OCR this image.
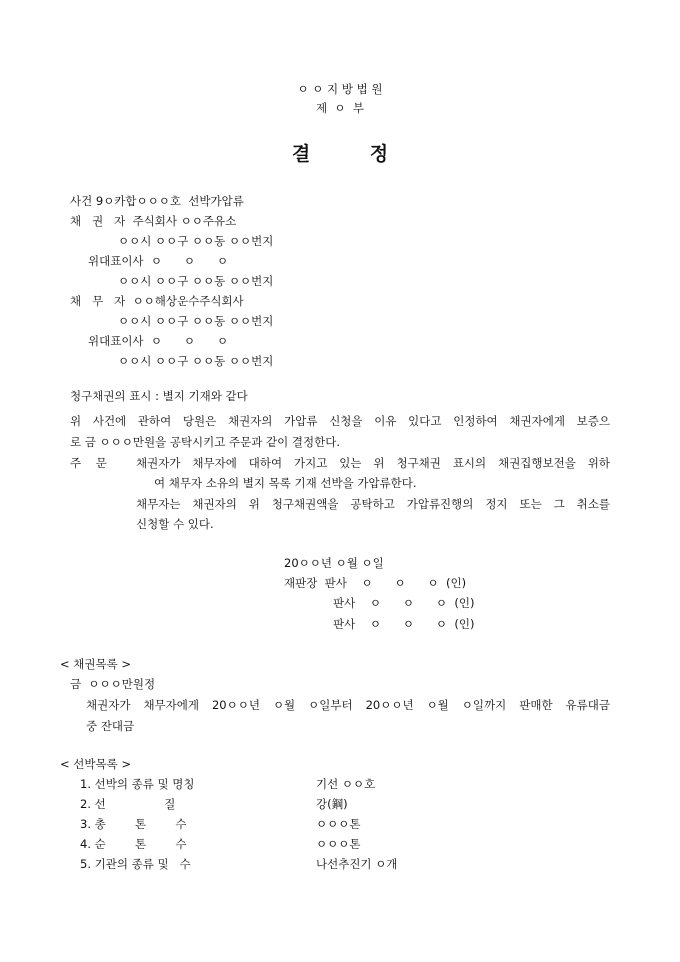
ㅇ ㅇ 지 방 법 원
제  ㅇ  부
결         정
사건 9ㅇ카합ㅇㅇㅇ호  선박가압류
채   권   자  주식회사 ㅇㅇ주유소
ㅇㅇ시 ㅇㅇ구 ㅇㅇ동 ㅇㅇ번지
위대표이사  ㅇ      ㅇ      ㅇ
ㅇㅇ시 ㅇㅇ구 ㅇㅇ동 ㅇㅇ번지
채   무   자  ㅇㅇ해상운수주식회사
ㅇㅇ시 ㅇㅇ구 ㅇㅇ동 ㅇㅇ번지
위대표이사  ㅇ      ㅇ      ㅇ
ㅇㅇ시 ㅇㅇ구 ㅇㅇ동 ㅇㅇ번지
청구채권의 표시 : 별지 기재와 같다
위 사건에 관하여 당원은 채권자의 가압류 신청을 이유 있다고 인정하여 채권자에게 보증으
로 금 ㅇㅇㅇ만원을 공탁시키고 주문과 같이 결정한다.
주    문	채권자가 채무자에 대하여 가지고 있는 위 청구채권 표시의 채권집행보전을 위하
여 채무자 소유의 별지 목록 기재 선박을 가압류한다.
채무자는 채권자의 위 청구채권액을 공탁하고 가압류진행의 정지 또는 그 취소를
신청할 수 있다.
20ㅇㅇ년 ㅇ월 ㅇ일
재판장  판사    ㅇ      ㅇ      ㅇ  (인)
판사    ㅇ      ㅇ      ㅇ  (인)
판사    ㅇ      ㅇ      ㅇ  (인)
< 채권목록 >
금  ㅇㅇㅇ만원정
채권자가 채무자에게 20ㅇㅇ년 ㅇ월 ㅇ일부터 20ㅇㅇ년 ㅇ월 ㅇ일까지 판매한 유류대금
중 잔대금
< 선박목록 >
1. 선박의 종류 및 명칭	기선 ㅇㅇ호
2. 선                질	강(鋼)
3. 총        톤        수	ㅇㅇㅇ톤
4. 순        톤        수	ㅇㅇㅇ톤
5. 기관의 종류 및   수	나선추진기 ㅇ개
